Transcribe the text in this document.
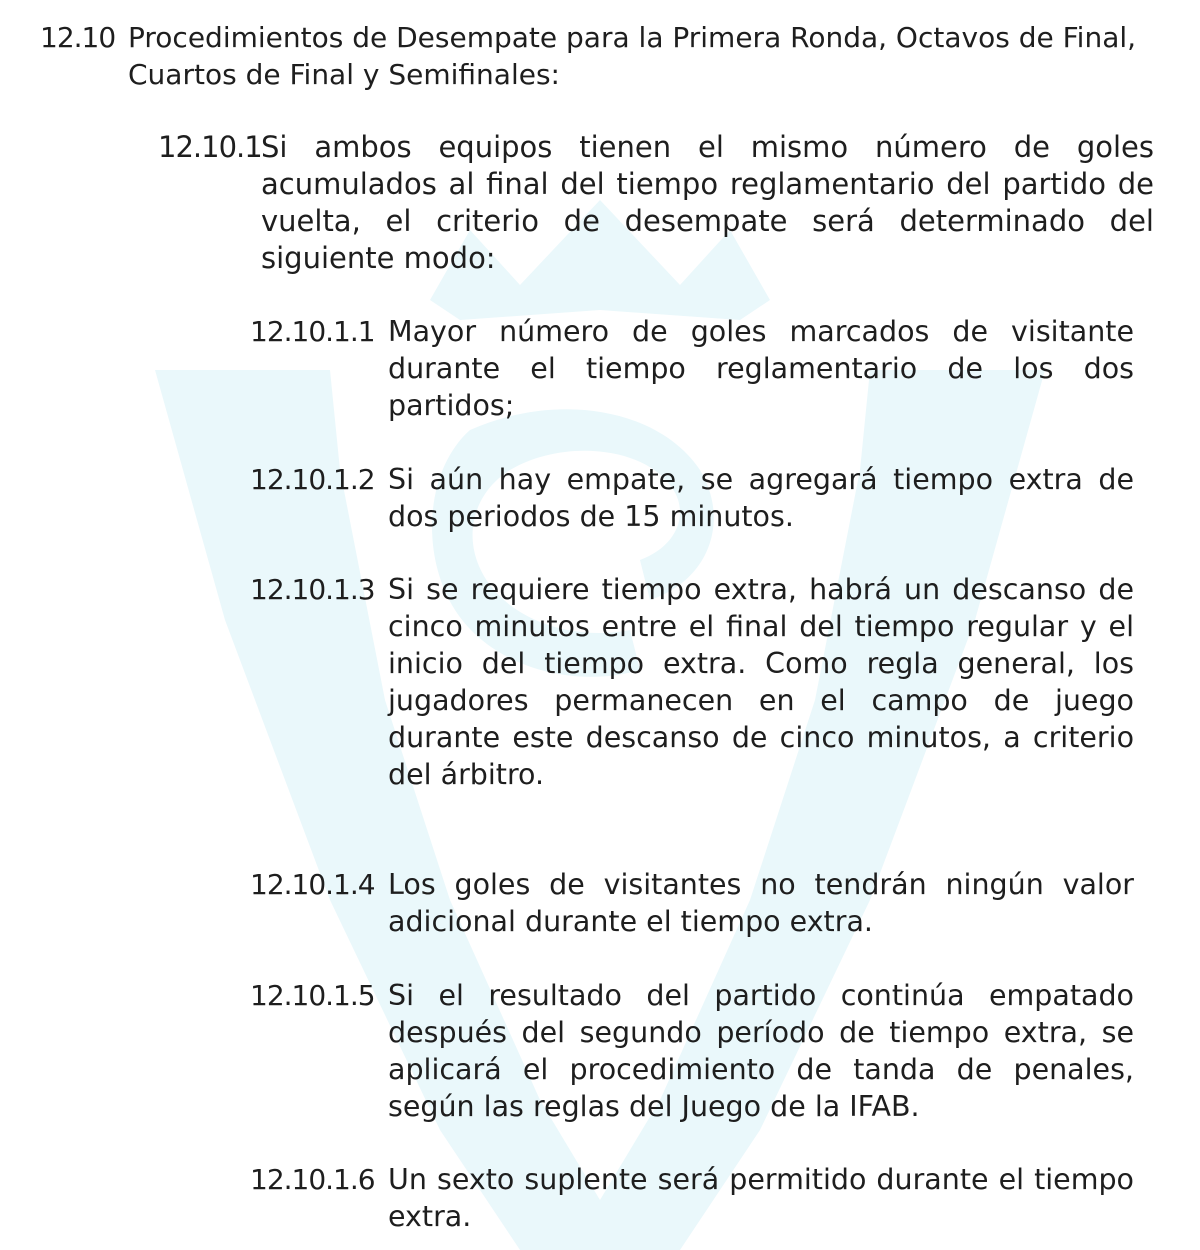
12.10 Procedimientos de Desempate para la Primera Ronda, Octavos de Final, Cuartos de Final y Semifinales:
12.10.1 Si ambos equipos tienen el mismo número de goles acumulados al final del tiempo reglamentario del partido de vuelta, el criterio de desempate será determinado del siguiente modo:
12.10.1.1 Mayor número de goles marcados de visitante durante el tiempo reglamentario de los dos partidos;
12.10.1.2 Si aún hay empate, se agregará tiempo extra de dos periodos de 15 minutos.
12.10.1.3 Si se requiere tiempo extra, habrá un descanso de cinco minutos entre el final del tiempo regular y el inicio del tiempo extra. Como regla general, los jugadores permanecen en el campo de juego durante este descanso de cinco minutos, a criterio del árbitro.
12.10.1.4 Los goles de visitantes no tendrán ningún valor adicional durante el tiempo extra.
12.10.1.5 Si el resultado del partido continúa empatado después del segundo período de tiempo extra, se aplicará el procedimiento de tanda de penales, según las reglas del Juego de la IFAB.
12.10.1.6 Un sexto suplente será permitido durante el tiempo extra.
